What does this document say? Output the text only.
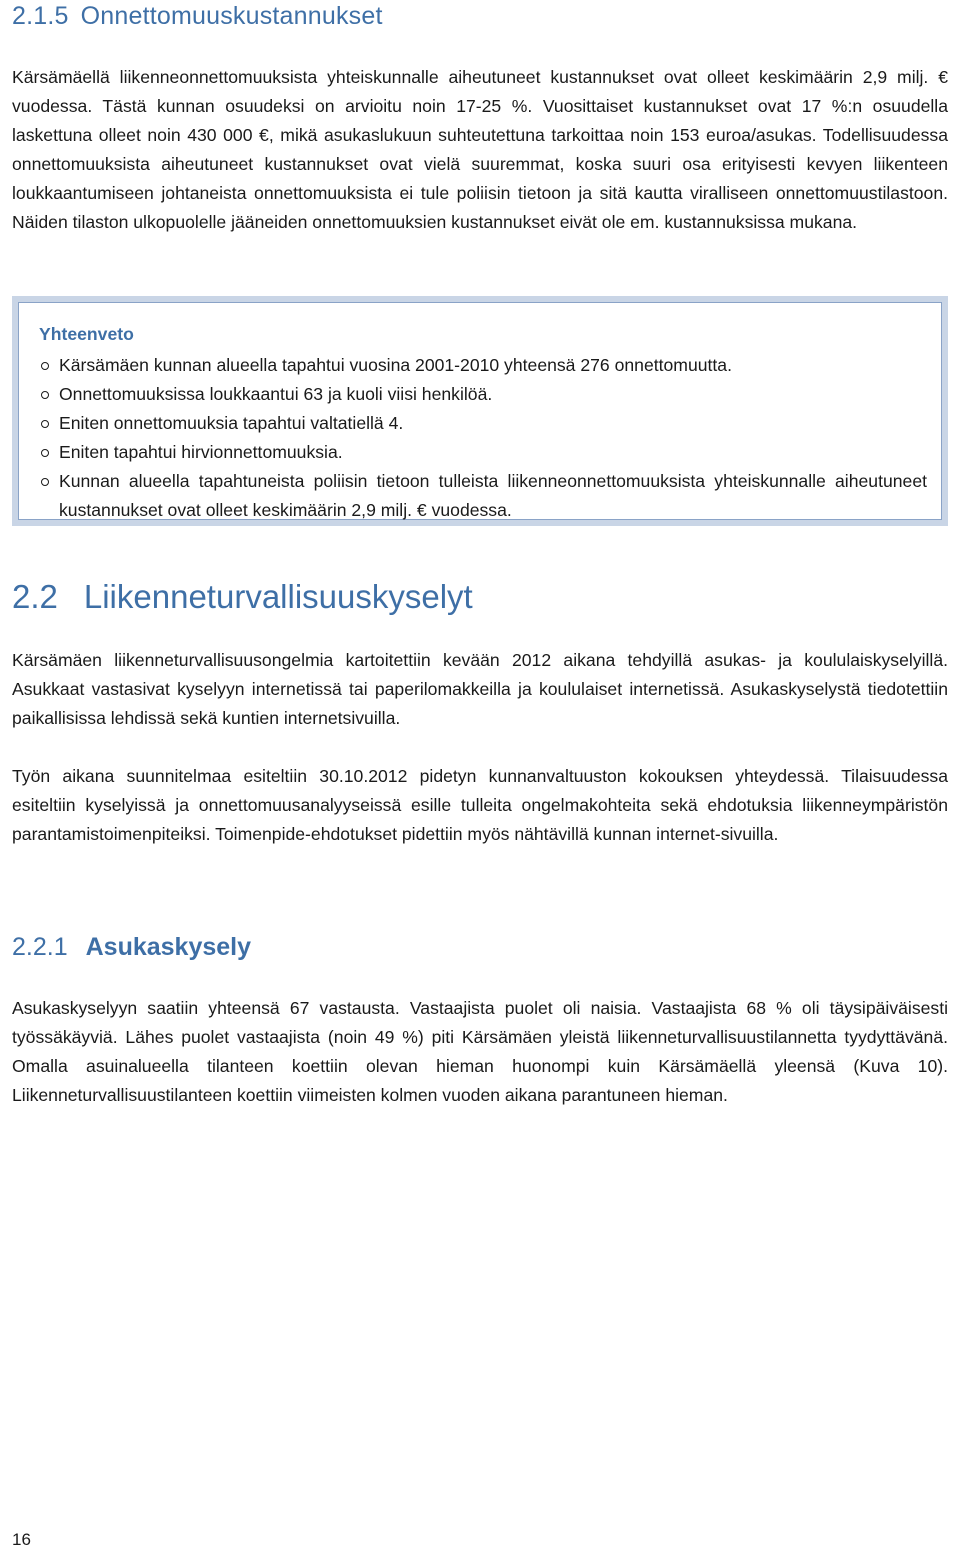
2.1.5 Onnettomuuskustannukset

Kärsämäellä liikenneonnettomuuksista yhteiskunnalle aiheutuneet kustannukset ovat olleet keskimäärin 2,9 milj. € vuodessa. Tästä kunnan osuudeksi on arvioitu noin 17-25 %. Vuosittaiset kustannukset ovat 17 %:n osuudella laskettuna olleet noin 430 000 €, mikä asukaslukuun suhteutettuna tarkoittaa noin 153 euroa/asukas. Todellisuudessa onnettomuuksista aiheutuneet kustannukset ovat vielä suuremmat, koska suuri osa erityisesti kevyen liikenteen loukkaantumiseen johtaneista onnettomuuksista ei tule poliisin tietoon ja sitä kautta viralliseen onnettomuustilastoon. Näiden tilaston ulkopuolelle jääneiden onnettomuuksien kustannukset eivät ole em. kustannuksissa mukana.

Yhteenveto
Kärsämäen kunnan alueella tapahtui vuosina 2001-2010 yhteensä 276 onnettomuutta.
Onnettomuuksissa loukkaantui 63 ja kuoli viisi henkilöä.
Eniten onnettomuuksia tapahtui valtatiellä 4.
Eniten tapahtui hirvionnettomuuksia.
Kunnan alueella tapahtuneista poliisin tietoon tulleista liikenneonnettomuuksista yhteiskunnalle aiheutuneet kustannukset ovat olleet keskimäärin 2,9 milj. € vuodessa.
2.2 Liikenneturvallisuuskyselyt

Kärsämäen liikenneturvallisuusongelmia kartoitettiin kevään 2012 aikana tehdyillä asukas- ja koululaiskyselyillä. Asukkaat vastasivat kyselyyn internetissä tai paperilomakkeilla ja koululaiset internetissä. Asukaskyselystä tiedotettiin paikallisissa lehdissä sekä kuntien internetsivuilla.

Työn aikana suunnitelmaa esiteltiin 30.10.2012 pidetyn kunnanvaltuuston kokouksen yhteydessä. Tilaisuudessa esiteltiin kyselyissä ja onnettomuusanalyyseissä esille tulleita ongelmakohteita sekä ehdotuksia liikenneympäristön parantamistoimenpiteiksi. Toimenpide-ehdotukset pidettiin myös nähtävillä kunnan internet-sivuilla.

2.2.1 Asukaskysely

Asukaskyselyyn saatiin yhteensä 67 vastausta. Vastaajista puolet oli naisia. Vastaajista 68 % oli täysipäiväisesti työssäkäyviä. Lähes puolet vastaajista (noin 49 %) piti Kärsämäen yleistä liikenneturvallisuustilannetta tyydyttävänä. Omalla asuinalueella tilanteen koettiin olevan hieman huonompi kuin Kärsämäellä yleensä (Kuva 10). Liikenneturvallisuustilanteen koettiin viimeisten kolmen vuoden aikana parantuneen hieman.

16
